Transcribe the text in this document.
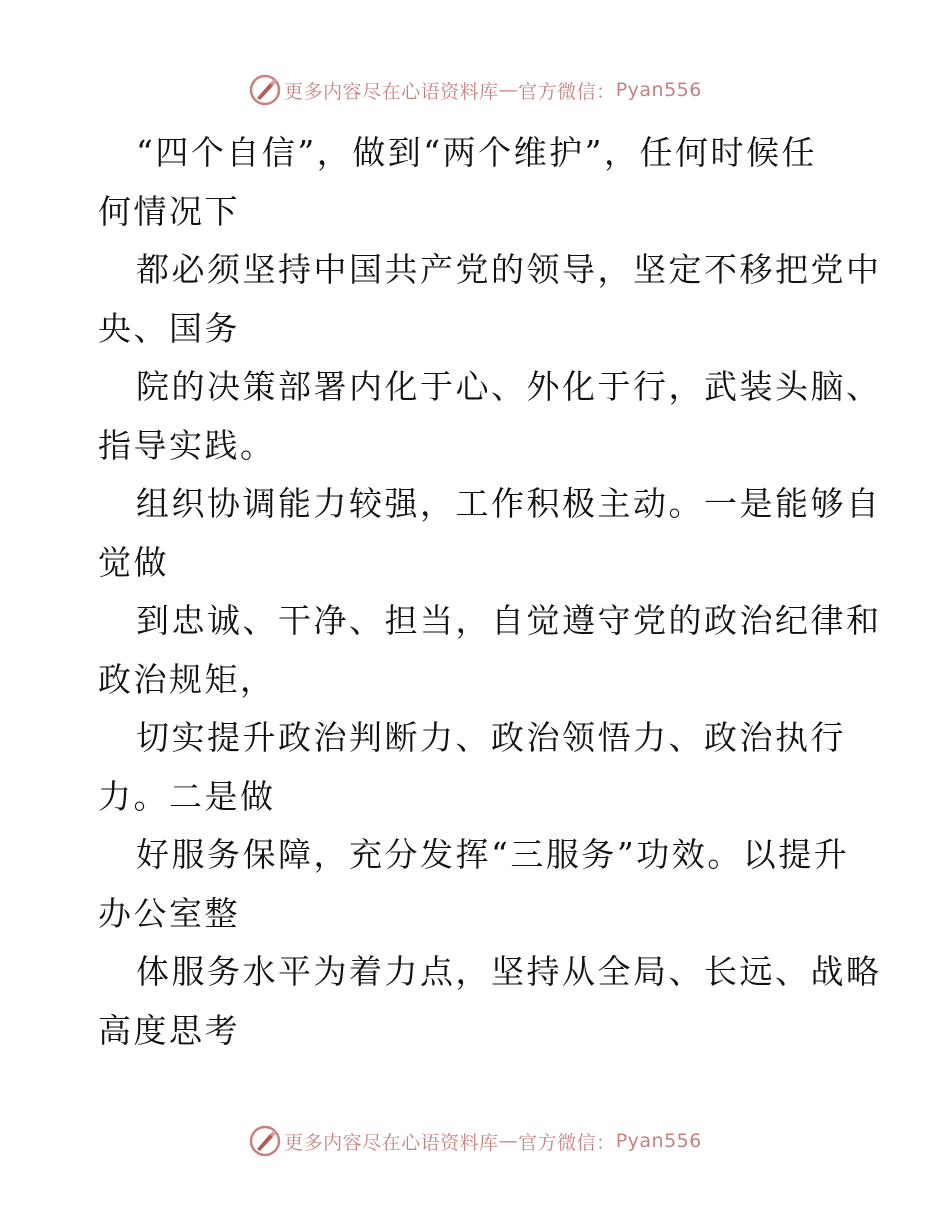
更多内容尽在心语资料库 — 官方微信： Pyan556
“四个自信”，做到“两个维护”，任何时候任
何情况下
都必须坚持中国共产党的领导，坚定不移把党中
央、国务
院的决策部署内化于心、外化于行，武装头脑、
指导实践。
组织协调能力较强，工作积极主动。一是能够自
觉做
到忠诚、干净、担当，自觉遵守党的政治纪律和
政治规矩，
切实提升政治判断力、政治领悟力、政治执行
力。二是做
好服务保障，充分发挥“三服务”功效。以提升
办公室整
体服务水平为着力点，坚持从全局、长远、战略
高度思考
更多内容尽在心语资料库 — 官方微信： Pyan556
